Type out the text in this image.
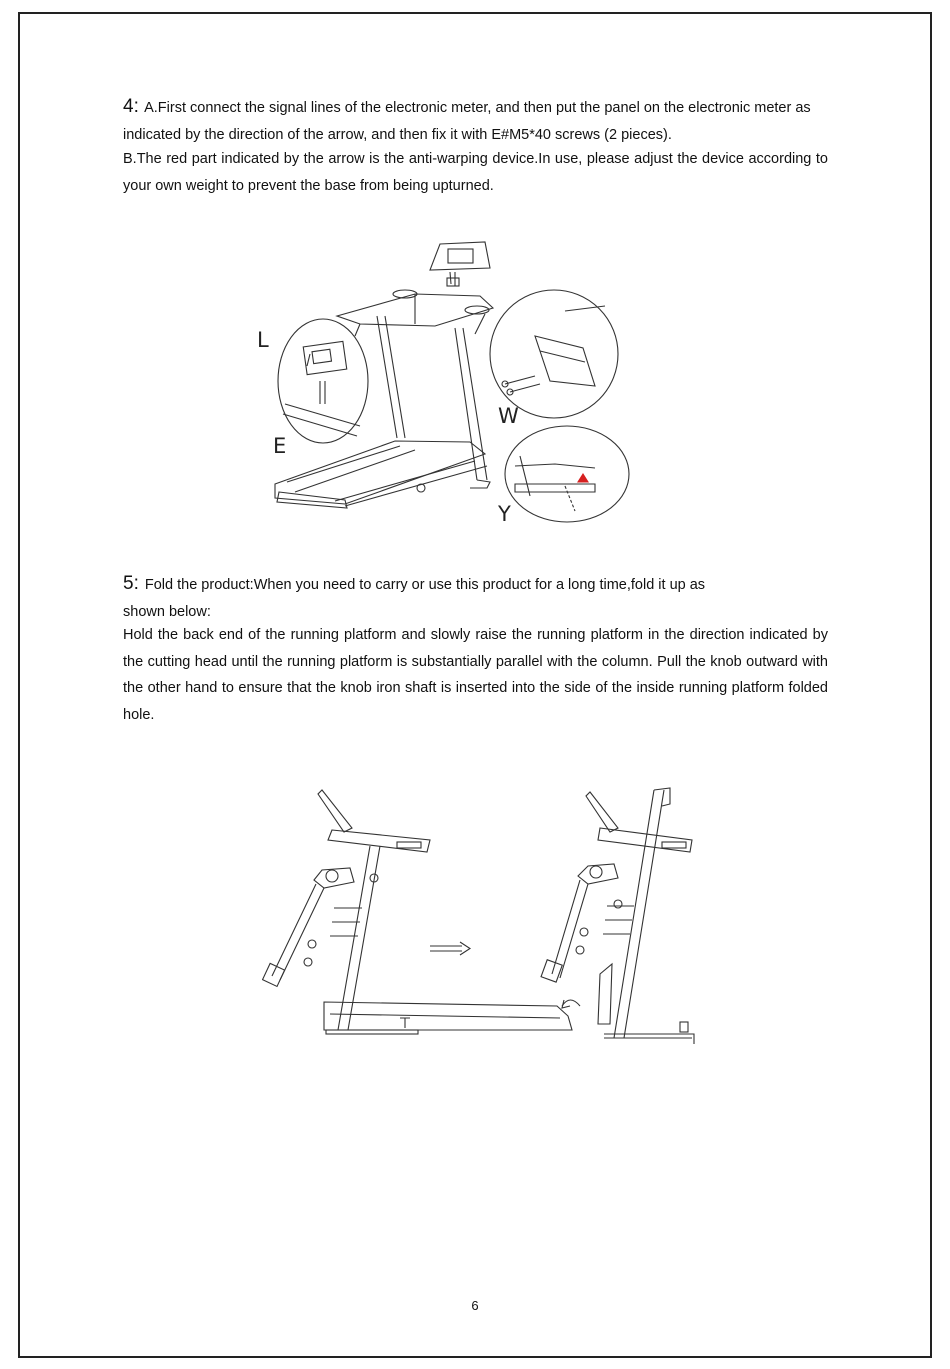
4: A.First connect the signal lines of the electronic meter, and then put the panel on the electronic meter as indicated by the direction of the arrow, and then fix it with E#M5*40 screws (2 pieces).

B.The red part indicated by the arrow is the anti-warping device.In use, please adjust the device according to your own weight to prevent the base from being upturned.

L
E
W
Y

5: Fold the product:When you need to carry or use this product for a long time,fold it up as shown below:

Hold the back end of the running platform and slowly raise the running platform in the direction indicated by the cutting head until the running platform is substantially parallel with the column. Pull the knob outward with the other hand to ensure that the knob iron shaft is inserted into the side of the inside running platform folded hole.

6
